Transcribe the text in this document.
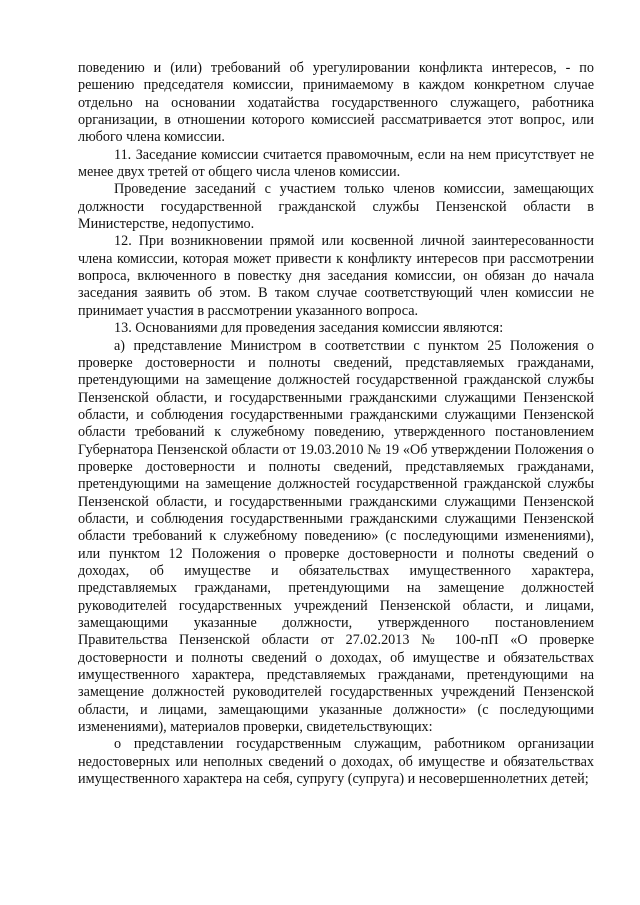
поведению и (или) требований об урегулировании конфликта интересов, - по решению председателя комиссии, принимаемому в каждом конкретном случае отдельно на основании ходатайства государственного служащего, работника организации, в отношении которого комиссией рассматривается этот вопрос, или любого члена комиссии.

11. Заседание комиссии считается правомочным, если на нем присутствует не менее двух третей от общего числа членов комиссии.

Проведение заседаний с участием только членов комиссии, замещающих должности государственной гражданской службы Пензенской области в Министерстве, недопустимо.

12. При возникновении прямой или косвенной личной заинтересованности члена комиссии, которая может привести к конфликту интересов при рассмотрении вопроса, включенного в повестку дня заседания комиссии, он обязан до начала заседания заявить об этом. В таком случае соответствующий член комиссии не принимает участия в рассмотрении указанного вопроса.

13. Основаниями для проведения заседания комиссии являются:

а) представление Министром в соответствии с пунктом 25 Положения о проверке достоверности и полноты сведений, представляемых гражданами, претендующими на замещение должностей государственной гражданской службы Пензенской области, и государственными гражданскими служащими Пензенской области, и соблюдения государственными гражданскими служащими Пензенской области требований к служебному поведению, утвержденного постановлением Губернатора Пензенской области от 19.03.2010 № 19 «Об утверждении Положения о проверке достоверности и полноты сведений, представляемых гражданами, претендующими на замещение должностей государственной гражданской службы Пензенской области, и государственными гражданскими служащими Пензенской области, и соблюдения государственными гражданскими служащими Пензенской области требований к служебному поведению» (с последующими изменениями), или пунктом 12 Положения о проверке достоверности и полноты сведений о доходах, об имуществе и обязательствах имущественного характера, представляемых гражданами, претендующими на замещение должностей руководителей государственных учреждений Пензенской области, и лицами, замещающими указанные должности, утвержденного постановлением Правительства Пензенской области от 27.02.2013 № 100-пП «О проверке достоверности и полноты сведений о доходах, об имуществе и обязательствах имущественного характера, представляемых гражданами, претендующими на замещение должностей руководителей государственных учреждений Пензенской области, и лицами, замещающими указанные должности» (с последующими изменениями), материалов проверки, свидетельствующих:

о представлении государственным служащим, работником организации недостоверных или неполных сведений о доходах, об имуществе и обязательствах имущественного характера на себя, супругу (супруга) и несовершеннолетних детей;
